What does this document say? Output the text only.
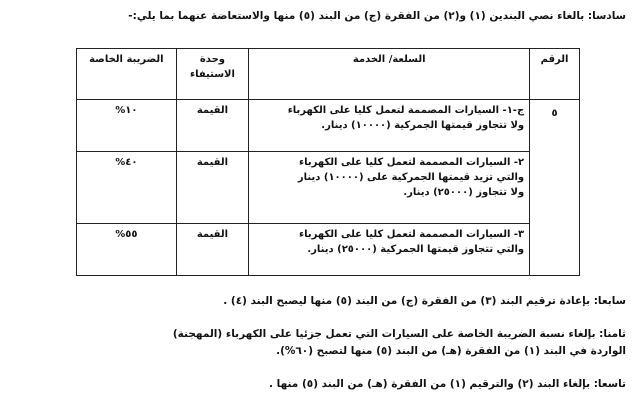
سادسا: بالغاء نصي البندين (١) و(٢) من الفقرة (ج) من البند (٥) منها والاستعاضة عنهما بما يلي:-
الرقم	السلعة/ الخدمة	وحدة الاستيفاء	الضريبة الخاصة
٥	ج-١- السيارات المصممة لتعمل كليا على الكهرباء
ولا تتجاوز قيمتها الجمركية (١٠٠٠٠) دينار.	القيمة	١٠%

	٢- السيارات المصممة لتعمل كليا على الكهرباء
والتي تزيد قيمتها الجمركية على (١٠٠٠٠) دينار
ولا تتجاوز (٢٥٠٠٠) دينار.	القيمة	٤٠%

	٣- السيارات المصممة لتعمل كليا على الكهرباء
والتي تتجاوز قيمتها الجمركية (٢٥٠٠٠) دينار.	القيمة	٥٥%
سابعا: بإعادة ترقيم البند (٣) من الفقرة (ج) من البند (٥) منها ليصبح البند (٤) .
ثامنا: بإلغاء نسبة الضريبة الخاصة على السيارات التي تعمل جزئيا على الكهرباء (المهجنة)
الواردة في البند (١) من الفقرة (هـ) من البند (٥) منها لتصبح (٦٠%).
تاسعا: بإلغاء البند (٢) والترقيم (١) من الفقرة (هـ) من البند (٥) منها .
